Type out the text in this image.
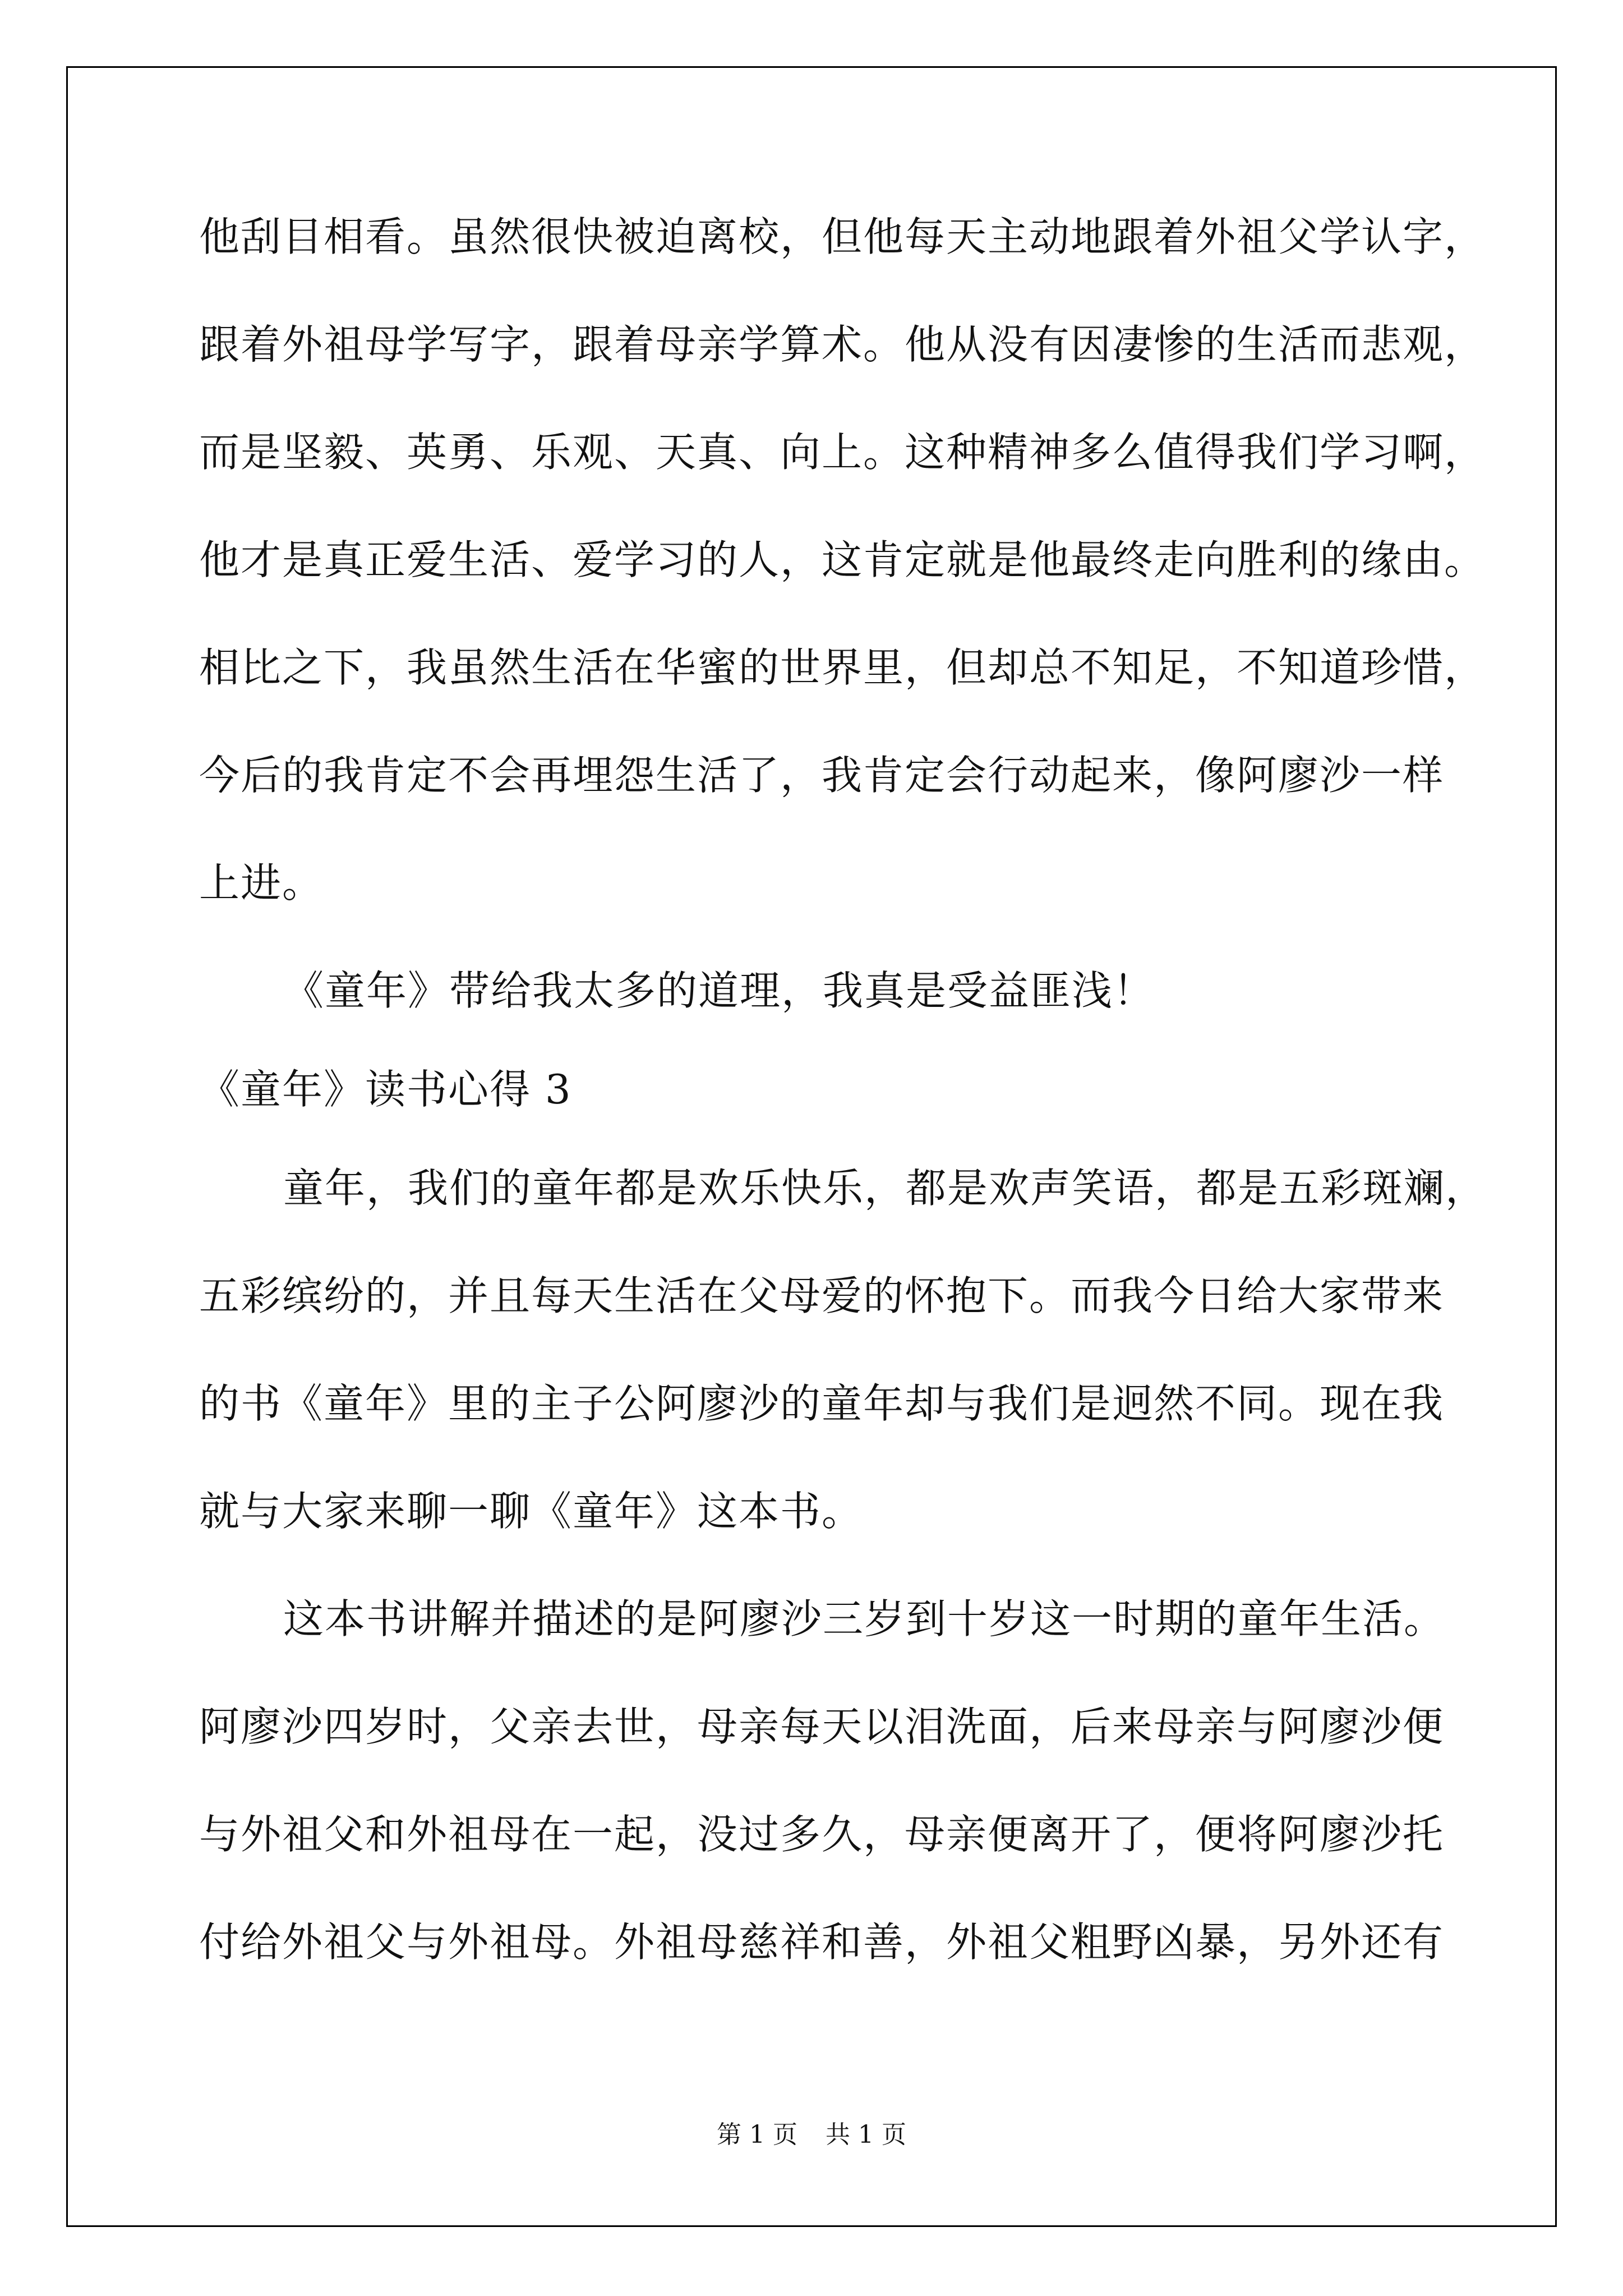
他刮目相看。虽然很快被迫离校，但他每天主动地跟着外祖父学认字，
跟着外祖母学写字，跟着母亲学算术。他从没有因凄惨的生活而悲观，
而是坚毅、英勇、乐观、天真、向上。这种精神多么值得我们学习啊，
他才是真正爱生活、爱学习的人，这肯定就是他最终走向胜利的缘由。
相比之下，我虽然生活在华蜜的世界里，但却总不知足，不知道珍惜，
今后的我肯定不会再埋怨生活了，我肯定会行动起来，像阿廖沙一样
上进。
《童年》带给我太多的道理，我真是受益匪浅！
《童年》读书心得 3
童年，我们的童年都是欢乐快乐，都是欢声笑语，都是五彩斑斓，
五彩缤纷的，并且每天生活在父母爱的怀抱下。而我今日给大家带来
的书《童年》里的主子公阿廖沙的童年却与我们是迥然不同。现在我
就与大家来聊一聊《童年》这本书。
这本书讲解并描述的是阿廖沙三岁到十岁这一时期的童年生活。
阿廖沙四岁时，父亲去世，母亲每天以泪洗面，后来母亲与阿廖沙便
与外祖父和外祖母在一起，没过多久，母亲便离开了，便将阿廖沙托
付给外祖父与外祖母。外祖母慈祥和善，外祖父粗野凶暴，另外还有
第 1 页 共 1 页
